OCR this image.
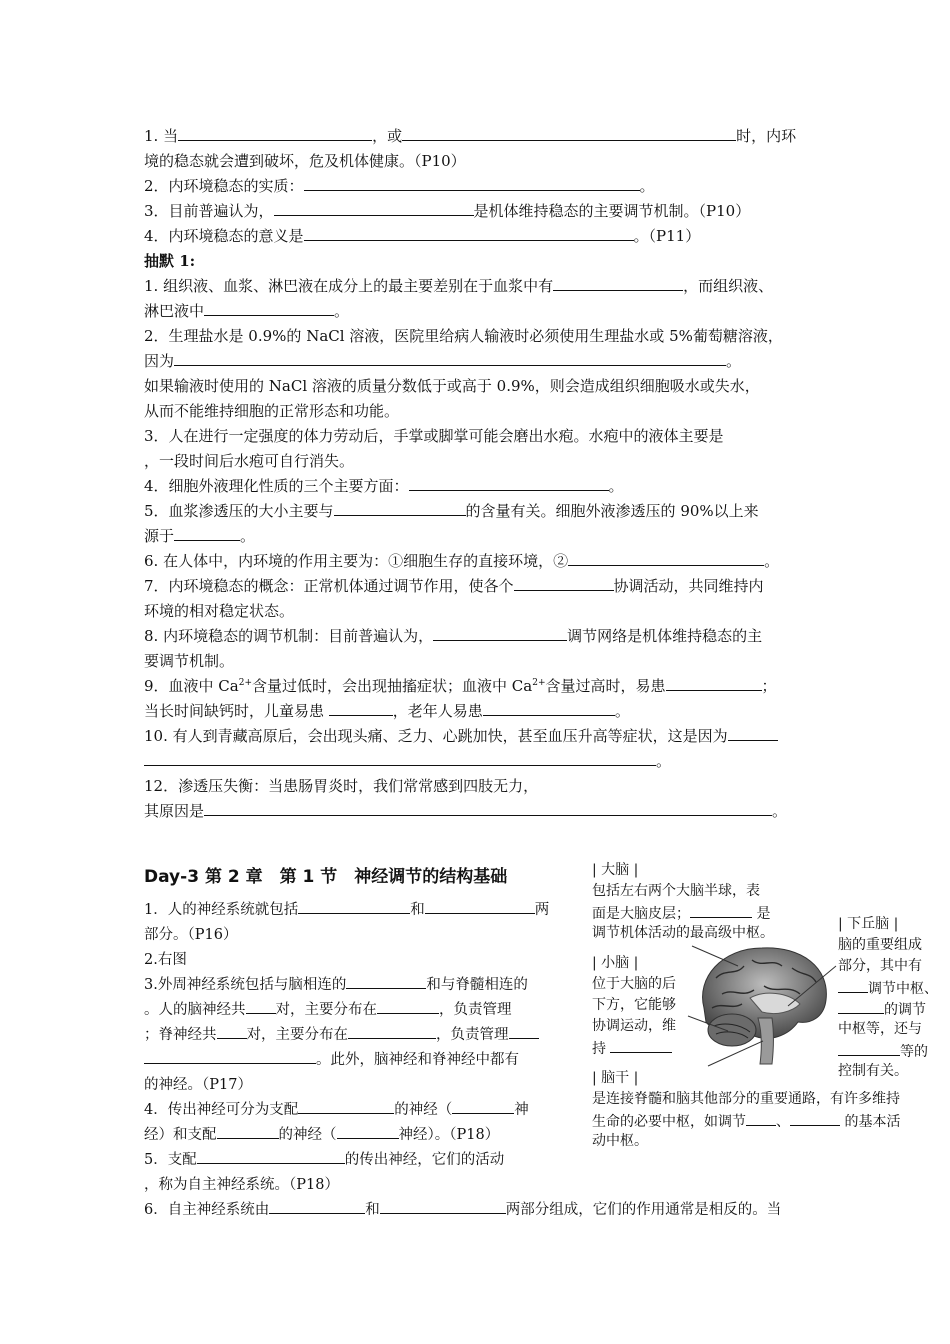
1. 当	，或	时，内环
境的稳态就会遭到破坏，危及机体健康。（P10）
2．内环境稳态的实质：	。
3．目前普遍认为，	是机体维持稳态的主要调节机制。（P10）
4．内环境稳态的意义是	。（P11）
抽默 1:
1. 组织液、血浆、淋巴液在成分上的最主要差别在于血浆中有	，而组织液、
淋巴液中	。
2．生理盐水是 0.9%的 NaCl 溶液，医院里给病人输液时必须使用生理盐水或 5%葡萄糖溶液，
因为	。
如果输液时使用的 NaCl 溶液的质量分数低于或高于 0.9%，则会造成组织细胞吸水或失水，
从而不能维持细胞的正常形态和功能。
3．人在进行一定强度的体力劳动后，手掌或脚掌可能会磨出水疱。水疱中的液体主要是
，一段时间后水疱可自行消失。
4．细胞外液理化性质的三个主要方面：	。
5．血浆渗透压的大小主要与	的含量有关。细胞外液渗透压的 90%以上来
源于	。
6. 在人体中，内环境的作用主要为：①细胞生存的直接环境，②	。
7．内环境稳态的概念：正常机体通过调节作用，使各个	协调活动，共同维持内
环境的相对稳定状态。
8. 内环境稳态的调节机制：目前普遍认为，	调节网络是机体维持稳态的主
要调节机制。
9．血液中 $Ca^{2+}$含量过低时，会出现抽搐症状；血液中 $Ca^{2+}$含量过高时，易患	；
当长时间缺钙时，儿童易患	，老年人易患	。
10. 有人到青藏高原后，会出现头痛、乏力、心跳加快，甚至血压升高等症状，这是因为
。
12．渗透压失衡：当患肠胃炎时，我们常常感到四肢无力，
其原因是	。
Day-3 第 2 章　第 1 节　神经调节的结构基础
1．人的神经系统就包括	和	两
部分。（P16）
2.右图
3.外周神经系统包括与脑相连的	和与脊髓相连的
。人的脑神经共 对，主要分布在	，负责管理
；脊神经共 对，主要分布在	，负责管理
。此外，脑神经和脊神经中都有
的神经。（P17）
4．传出神经可分为支配	的神经（	神
经）和支配	的神经（	神经）。（P18）
5．支配	的传出神经，它们的活动
，称为自主神经系统。（P18）
6．自主神经系统由	和	两部分组成，它们的作用通常是相反的。当
| 大脑 |
包括左右两个大脑半球，表
面是大脑皮层；	是
调节机体活动的最高级中枢。
| 下丘脑 |
脑的重要组成
部分，其中有
调节中枢、
的调节
中枢等，还与
等的
控制有关。
| 小脑 |
位于大脑的后
下方，它能够
协调运动，维
持
| 脑干 |
是连接脊髓和脑其他部分的重要通路，有许多维持
生命的必要中枢，如调节 、	的基本活
动中枢。
